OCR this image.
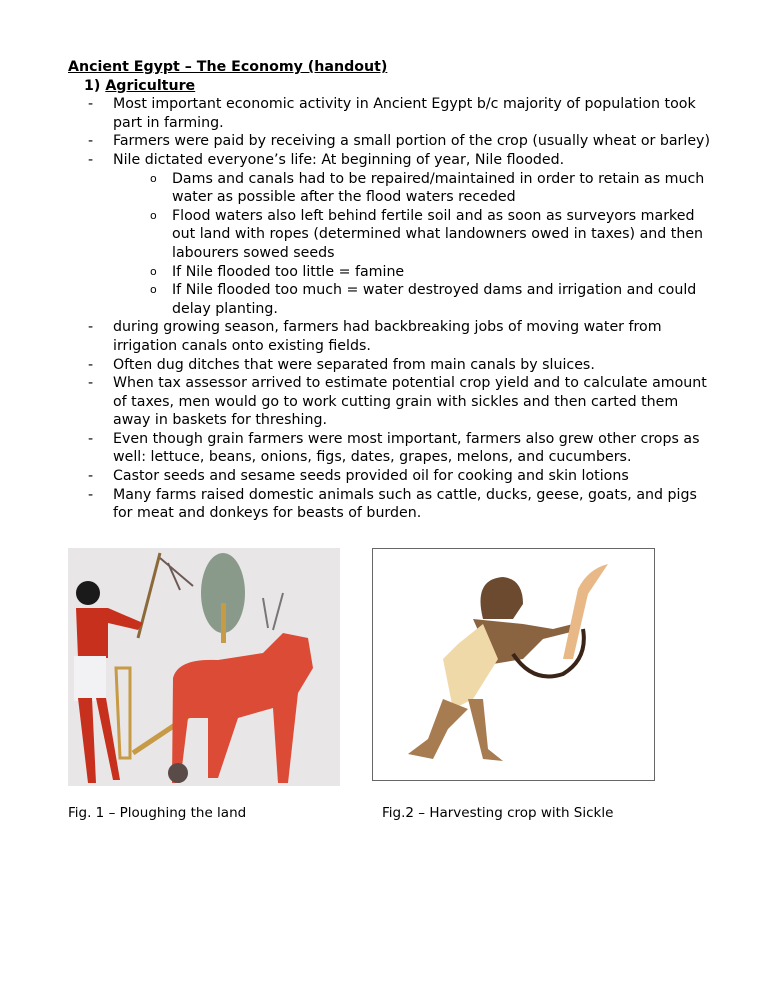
Ancient Egypt – The Economy (handout)
1) Agriculture
- Most important economic activity in Ancient Egypt b/c majority of population took part in farming.
- Farmers were paid by receiving a small portion of the crop (usually wheat or barley)
- Nile dictated everyone’s life: At beginning of year, Nile flooded.
o Dams and canals had to be repaired/maintained in order to retain as much water as possible after the flood waters receded
o Flood waters also left behind fertile soil and as soon as surveyors marked out land with ropes (determined what landowners owed in taxes) and then labourers sowed seeds
o If Nile flooded too little = famine
o If Nile flooded too much = water destroyed dams and irrigation and could delay planting.
- during growing season, farmers had backbreaking jobs of moving water from irrigation canals onto existing fields.
- Often dug ditches that were separated from main canals by sluices.
- When tax assessor arrived to estimate potential crop yield and to calculate amount of taxes, men would go to work cutting grain with sickles and then carted them away in baskets for threshing.
- Even though grain farmers were most important, farmers also grew other crops as well: lettuce, beans, onions, figs, dates, grapes, melons, and cucumbers.
- Castor seeds and sesame seeds provided oil for cooking and skin lotions
- Many farms raised domestic animals such as cattle, ducks, geese, goats, and pigs for meat and donkeys for beasts of burden.
Fig. 1 – Ploughing the land	Fig.2 – Harvesting crop with Sickle
